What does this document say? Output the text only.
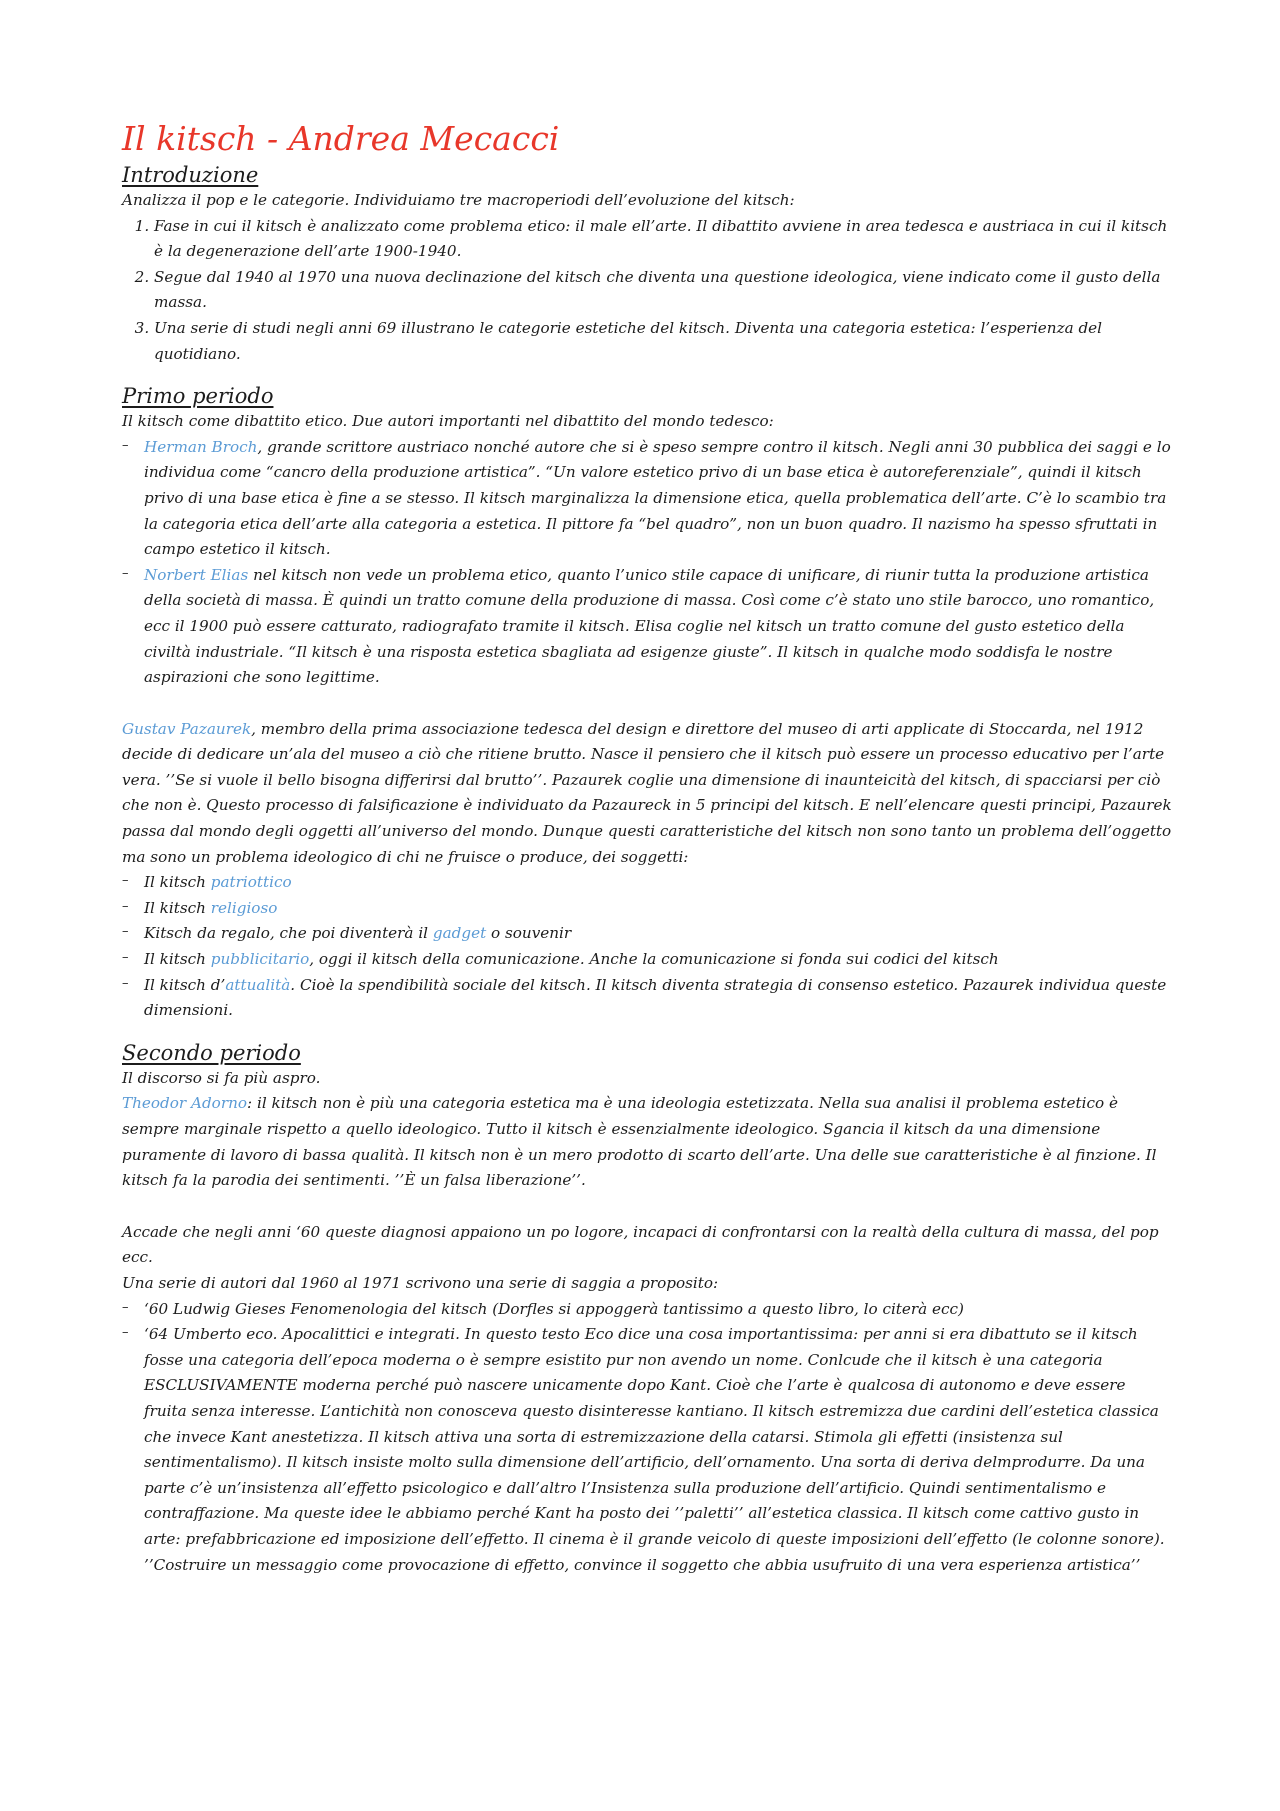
Il kitsch - Andrea Mecacci
Introduzione

Analizza il pop e le categorie. Individuiamo tre macroperiodi dell’evoluzione del kitsch:

1. Fase in cui il kitsch è analizzato come problema etico: il male ell’arte. Il dibattito avviene in area tedesca e austriaca in cui il kitsch è la degenerazione dell’arte 1900-1940.
2. Segue dal 1940 al 1970 una nuova declinazione del kitsch che diventa una questione ideologica, viene indicato come il gusto della massa.
3. Una serie di studi negli anni 69 illustrano le categorie estetiche del kitsch. Diventa una categoria estetica: l’esperienza del quotidiano.
Primo periodo

Il kitsch come dibattito etico. Due autori importanti nel dibattito del mondo tedesco:

– Herman Broch, grande scrittore austriaco nonché autore che si è speso sempre contro il kitsch. Negli anni 30 pubblica dei saggi e lo individua come “cancro della produzione artistica”. “Un valore estetico privo di un base etica è autoreferenziale”, quindi il kitsch privo di una base etica è fine a se stesso. Il kitsch marginalizza la dimensione etica, quella problematica dell’arte. C’è lo scambio tra la categoria etica dell’arte alla categoria a estetica. Il pittore fa “bel quadro”, non un buon quadro. Il nazismo ha spesso sfruttati in campo estetico il kitsch.
– Norbert Elias nel kitsch non vede un problema etico, quanto l’unico stile capace di unificare, di riunir tutta la produzione artistica della società di massa. È quindi un tratto comune della produzione di massa. Così come c’è stato uno stile barocco, uno romantico, ecc il 1900 può essere catturato, radiografato tramite il kitsch. Elisa coglie nel kitsch un tratto comune del gusto estetico della civiltà industriale. “Il kitsch è una risposta estetica sbagliata ad esigenze giuste”. Il kitsch in qualche modo soddisfa le nostre aspirazioni che sono legittime.

Gustav Pazaurek, membro della prima associazione tedesca del design e direttore del museo di arti applicate di Stoccarda, nel 1912 decide di dedicare un’ala del museo a ciò che ritiene brutto. Nasce il pensiero che il kitsch può essere un processo educativo per l’arte vera. ’’Se si vuole il bello bisogna differirsi dal brutto’’. Pazaurek coglie una dimensione di inaunteicità del kitsch, di spacciarsi per ciò che non è. Questo processo di falsificazione è individuato da Pazaureck in 5 principi del kitsch. E nell’elencare questi principi, Pazaurek passa dal mondo degli oggetti all’universo del mondo. Dunque questi caratteristiche del kitsch non sono tanto un problema dell’oggetto ma sono un problema ideologico di chi ne fruisce o produce, dei soggetti:

– Il kitsch patriottico
– Il kitsch religioso
– Kitsch da regalo, che poi diventerà il gadget o souvenir
– Il kitsch pubblicitario, oggi il kitsch della comunicazione. Anche la comunicazione si fonda sui codici del kitsch
– Il kitsch d’attualità. Cioè la spendibilità sociale del kitsch. Il kitsch diventa strategia di consenso estetico. Pazaurek individua queste dimensioni.
Secondo periodo

Il discorso si fa più aspro.

Theodor Adorno: il kitsch non è più una categoria estetica ma è una ideologia estetizzata. Nella sua analisi il problema estetico è sempre marginale rispetto a quello ideologico. Tutto il kitsch è essenzialmente ideologico. Sgancia il kitsch da una dimensione puramente di lavoro di bassa qualità. Il kitsch non è un mero prodotto di scarto dell’arte. Una delle sue caratteristiche è al finzione. Il kitsch fa la parodia dei sentimenti. ’’È un falsa liberazione’’.

Accade che negli anni ‘60 queste diagnosi appaiono un po logore, incapaci di confrontarsi con la realtà della cultura di massa, del pop ecc.

Una serie di autori dal 1960 al 1971 scrivono una serie di saggia a proposito:

– ‘60 Ludwig Gieses Fenomenologia del kitsch (Dorfles si appoggerà tantissimo a questo libro, lo citerà ecc)
– ‘64 Umberto eco. Apocalittici e integrati. In questo testo Eco dice una cosa importantissima: per anni si era dibattuto se il kitsch fosse una categoria dell’epoca moderna o è sempre esistito pur non avendo un nome. Conlcude che il kitsch è una categoria ESCLUSIVAMENTE moderna perché può nascere unicamente dopo Kant. Cioè che l’arte è qualcosa di autonomo e deve essere fruita senza interesse. L’antichità non conosceva questo disinteresse kantiano. Il kitsch estremizza due cardini dell’estetica classica che invece Kant anestetizza. Il kitsch attiva una sorta di estremizzazione della catarsi. Stimola gli effetti (insistenza sul sentimentalismo). Il kitsch insiste molto sulla dimensione dell’artificio, dell’ornamento. Una sorta di deriva delmprodurre. Da una parte c’è un’insistenza all’effetto psicologico e dall’altro l’Insistenza sulla produzione dell’artificio. Quindi sentimentalismo e contraffazione. Ma queste idee le abbiamo perché Kant ha posto dei ’’paletti’’ all’estetica classica. Il kitsch come cattivo gusto in arte: prefabbricazione ed imposizione dell’effetto. Il cinema è il grande veicolo di queste imposizioni dell’effetto (le colonne sonore). ’’Costruire un messaggio come provocazione di effetto, convince il soggetto che abbia usufruito di una vera esperienza artistica’’
